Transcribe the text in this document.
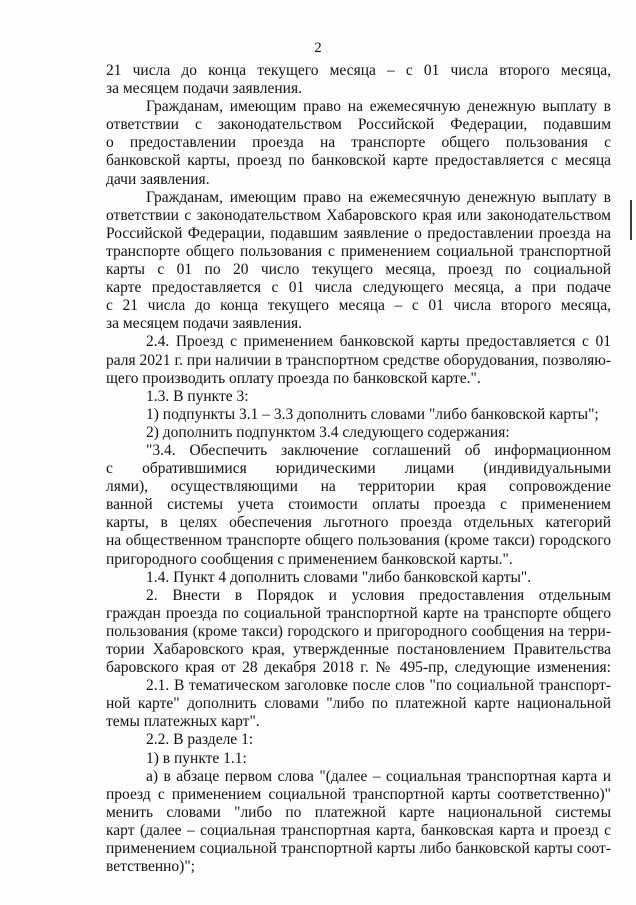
2
21 числа до конца текущего месяца – с 01 числа второго месяца,
за месяцем подачи заявления.
Гражданам, имеющим право на ежемесячную денежную выплату в
ответствии с законодательством Российской Федерации, подавшим
о предоставлении проезда на транспорте общего пользования с
банковской карты, проезд по банковской карте предоставляется с месяца
дачи заявления.
Гражданам, имеющим право на ежемесячную денежную выплату в
ответствии с законодательством Хабаровского края или законодательством
Российской Федерации, подавшим заявление о предоставлении проезда на
транспорте общего пользования с применением социальной транспортной
карты с 01 по 20 число текущего месяца, проезд по социальной
карте предоставляется с 01 числа следующего месяца, а при подаче
с 21 числа до конца текущего месяца – с 01 числа второго месяца,
за месяцем подачи заявления.
2.4. Проезд с применением банковской карты предоставляется с 01
раля 2021 г. при наличии в транспортном средстве оборудования, позволяю-
щего производить оплату проезда по банковской карте.".
1.3. В пункте 3:
1) подпункты 3.1 – 3.3 дополнить словами "либо банковской карты";
2) дополнить подпунктом 3.4 следующего содержания:
"3.4. Обеспечить заключение соглашений об информационном
с обратившимися юридическими лицами (индивидуальными
лями), осуществляющими на территории края сопровождение
ванной системы учета стоимости оплаты проезда с применением
карты, в целях обеспечения льготного проезда отдельных категорий
на общественном транспорте общего пользования (кроме такси) городского
пригородного сообщения с применением банковской карты.".
1.4. Пункт 4 дополнить словами "либо банковской карты".
2. Внести в Порядок и условия предоставления отдельным
граждан проезда по социальной транспортной карте на транспорте общего
пользования (кроме такси) городского и пригородного сообщения на терри-
тории Хабаровского края, утвержденные постановлением Правительства
баровского края от 28 декабря 2018 г. № 495-пр, следующие изменения:
2.1. В тематическом заголовке после слов "по социальной транспорт-
ной карте" дополнить словами "либо по платежной карте национальной
темы платежных карт".
2.2. В разделе 1:
1) в пункте 1.1:
а) в абзаце первом слова "(далее – социальная транспортная карта и
проезд с применением социальной транспортной карты соответственно)"
менить словами "либо по платежной карте национальной системы
карт (далее – социальная транспортная карта, банковская карта и проезд с
применением социальной транспортной карты либо банковской карты соот-
ветственно)";
